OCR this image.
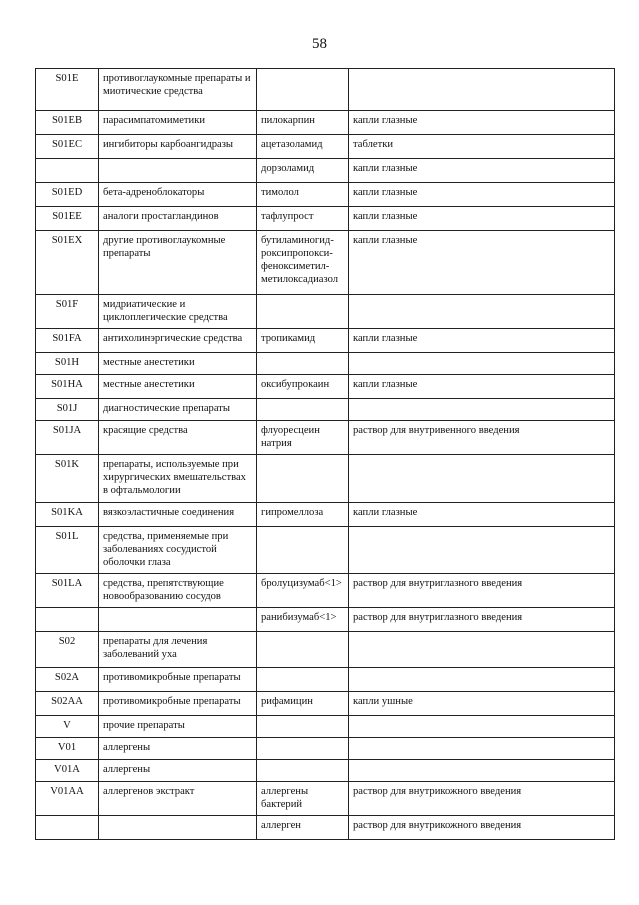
58
S01E	противоглаукомные препараты и миотические средства		
S01EB	парасимпатомиметики	пилокарпин	капли глазные
S01EC	ингибиторы карбоангидразы	ацетазоламид	таблетки
		дорзоламид	капли глазные
S01ED	бета-адреноблокаторы	тимолол	капли глазные
S01EE	аналоги простагландинов	тафлупрост	капли глазные
S01EX	другие противоглаукомные препараты	бутиламиногид-роксипропокси-феноксиметил-метилоксадиазол	капли глазные
S01F	мидриатические и циклоплегические средства		
S01FA	антихолинэргические средства	тропикамид	капли глазные
S01H	местные анестетики		
S01HA	местные анестетики	оксибупрокаин	капли глазные
S01J	диагностические препараты		
S01JA	красящие средства	флуоресцеин натрия	раствор для внутривенного введения
S01K	препараты, используемые при хирургических вмешательствах в офтальмологии		
S01KA	вязкоэластичные соединения	гипромеллоза	капли глазные
S01L	средства, применяемые при заболеваниях сосудистой оболочки глаза		
S01LA	средства, препятствующие новообразованию сосудов	бролуцизумаб<1>	раствор для внутриглазного введения
		ранибизумаб<1>	раствор для внутриглазного введения
S02	препараты для лечения заболеваний уха		
S02A	противомикробные препараты		
S02AA	противомикробные препараты	рифамицин	капли ушные
V	прочие препараты		
V01	аллергены		
V01A	аллергены		
V01AA	аллергенов экстракт	аллергены бактерий	раствор для внутрикожного введения
		аллерген	раствор для внутрикожного введения
